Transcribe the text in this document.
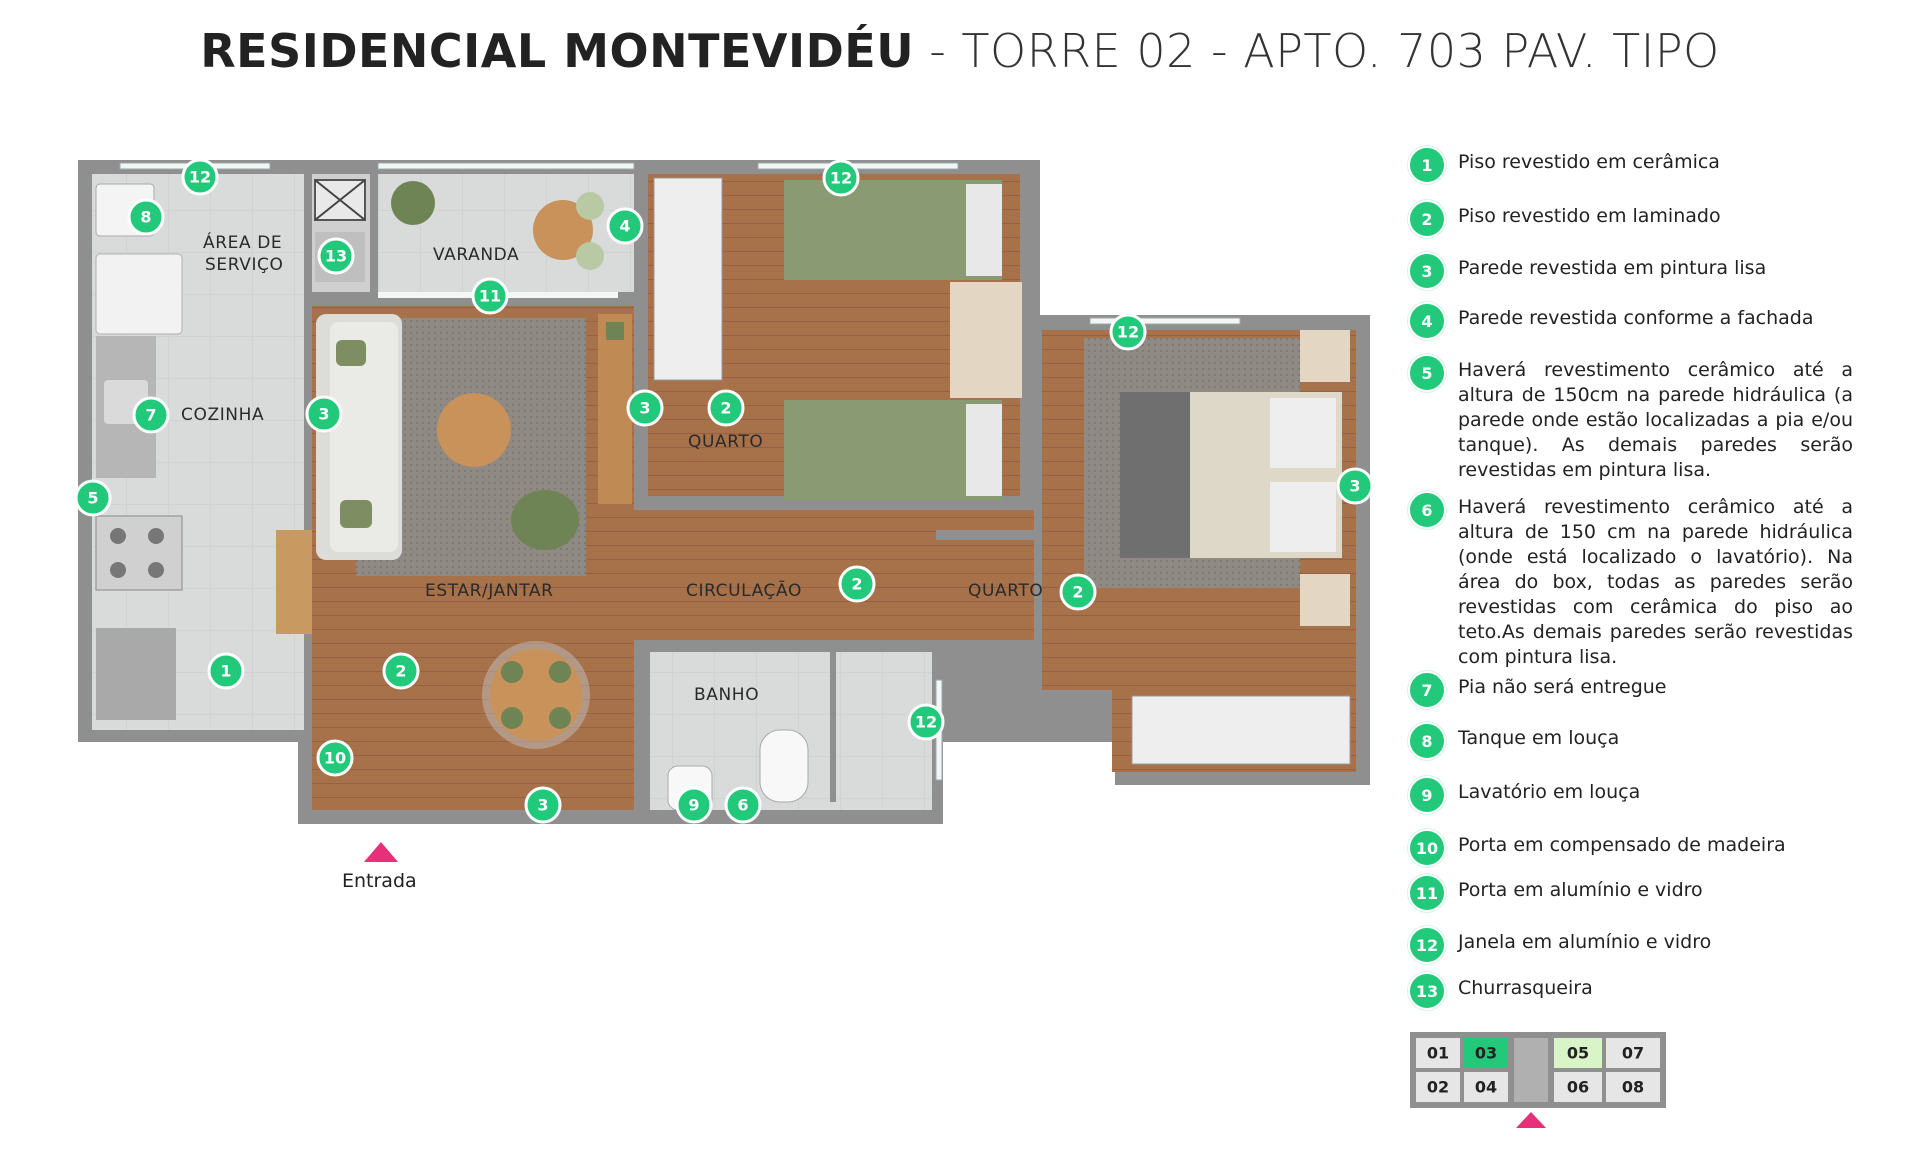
RESIDENCIAL MONTEVIDÉU - TORRE 02 - APTO. 703 PAV. TIPO
ÁREA DE
SERVIÇO	VARANDA
COZINHA
QUARTO
ESTAR/JANTAR	CIRCULAÇÃO	QUARTO
BANHO
12
8
13
4
12
11
12
3	3	2
7
5
3
2	2
1	2
12
10
3	9 6
Entrada
1	Piso revestido em cerâmica
2	Piso revestido em laminado
3	Parede revestida em pintura lisa
4	Parede revestida conforme a fachada
5	Haverá revestimento cerâmico até a altura de 150cm na parede hidráulica (a parede onde estão localizadas a pia e/ou tanque). As demais paredes serão revestidas em pintura lisa.
6	Haverá revestimento cerâmico até a altura de 150 cm na parede hidráulica (onde está localizado o lavatório). Na área do box, todas as paredes serão revestidas com cerâmica do piso ao teto.As demais paredes serão revestidas com pintura lisa.
7	Pia não será entregue
8	Tanque em louça
9	Lavatório em louça
10	Porta em compensado de madeira
11	Porta em alumínio e vidro
12	Janela em alumínio e vidro
13	Churrasqueira
01 03	05 07
02 04	06 08
